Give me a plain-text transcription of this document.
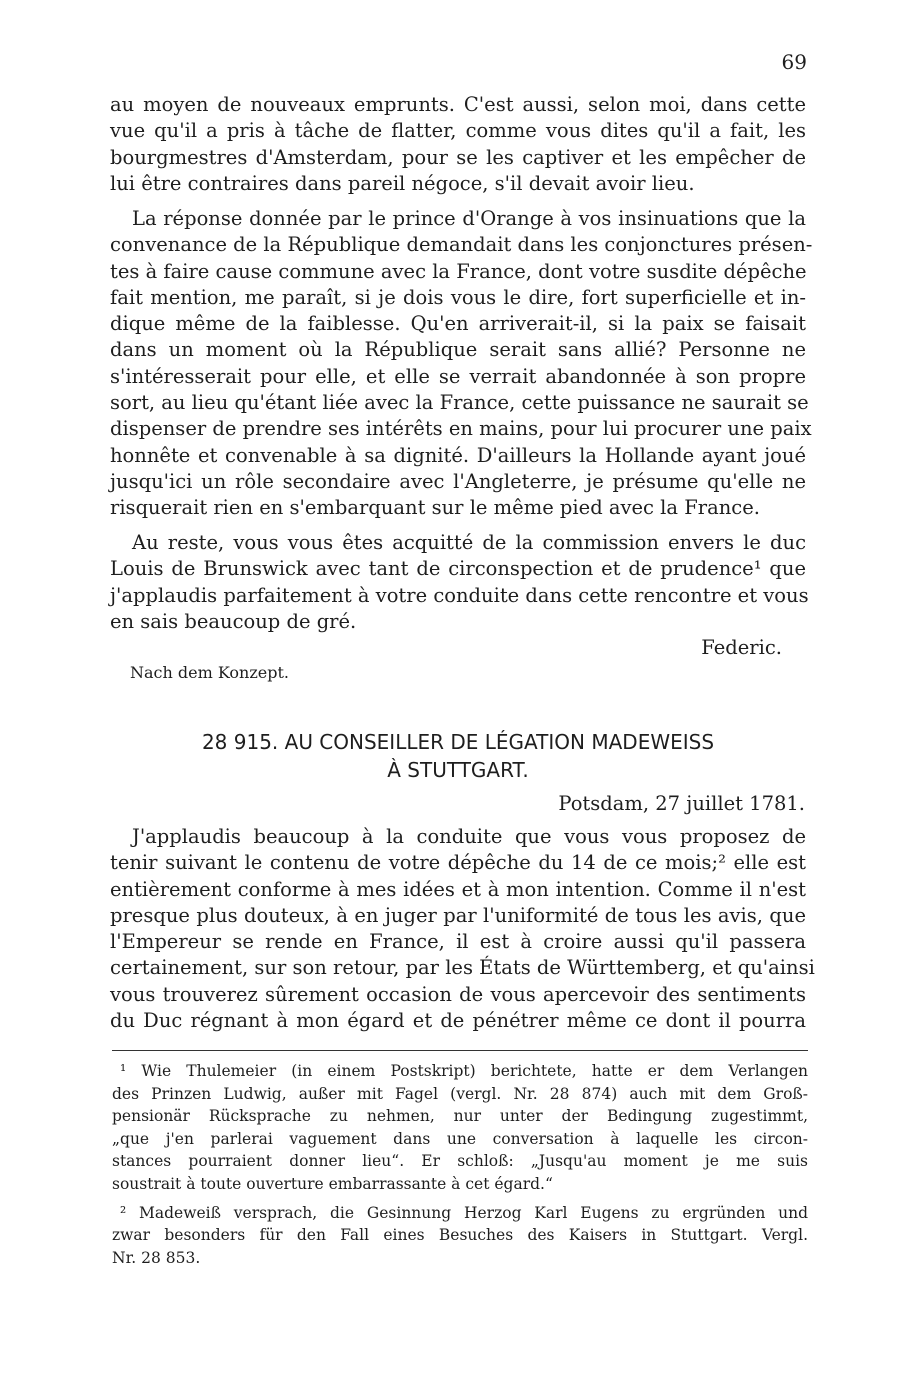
69
au moyen de nouveaux emprunts. C'est aussi, selon moi, dans cette
vue qu'il a pris à tâche de flatter, comme vous dites qu'il a fait, les
bourgmestres d'Amsterdam, pour se les captiver et les empêcher de
lui être contraires dans pareil négoce, s'il devait avoir lieu.
La réponse donnée par le prince d'Orange à vos insinuations que la
convenance de la République demandait dans les conjonctures présen-
tes à faire cause commune avec la France, dont votre susdite dépêche
fait mention, me paraît, si je dois vous le dire, fort superficielle et in-
dique même de la faiblesse. Qu'en arriverait-il, si la paix se faisait
dans un moment où la République serait sans allié? Personne ne
s'intéresserait pour elle, et elle se verrait abandonnée à son propre
sort, au lieu qu'étant liée avec la France, cette puissance ne saurait se
dispenser de prendre ses intérêts en mains, pour lui procurer une paix
honnête et convenable à sa dignité. D'ailleurs la Hollande ayant joué
jusqu'ici un rôle secondaire avec l'Angleterre, je présume qu'elle ne
risquerait rien en s'embarquant sur le même pied avec la France.
Au reste, vous vous êtes acquitté de la commission envers le duc
Louis de Brunswick avec tant de circonspection et de prudence¹ que
j'applaudis parfaitement à votre conduite dans cette rencontre et vous
en sais beaucoup de gré.
Federic.
Nach dem Konzept.
28 915. AU CONSEILLER DE LÉGATION MADEWEISS
À STUTTGART.
Potsdam, 27 juillet 1781.
J'applaudis beaucoup à la conduite que vous vous proposez de
tenir suivant le contenu de votre dépêche du 14 de ce mois;² elle est
entièrement conforme à mes idées et à mon intention. Comme il n'est
presque plus douteux, à en juger par l'uniformité de tous les avis, que
l'Empereur se rende en France, il est à croire aussi qu'il passera
certainement, sur son retour, par les États de Württemberg, et qu'ainsi
vous trouverez sûrement occasion de vous apercevoir des sentiments
du Duc régnant à mon égard et de pénétrer même ce dont il pourra
¹ Wie Thulemeier (in einem Postskript) berichtete, hatte er dem Verlangen
des Prinzen Ludwig, außer mit Fagel (vergl. Nr. 28 874) auch mit dem Groß-
pensionär Rücksprache zu nehmen, nur unter der Bedingung zugestimmt,
„que j'en parlerai vaguement dans une conversation à laquelle les circon-
stances pourraient donner lieu“. Er schloß: „Jusqu'au moment je me suis
soustrait à toute ouverture embarrassante à cet égard.“
² Madeweiß versprach, die Gesinnung Herzog Karl Eugens zu ergründen und
zwar besonders für den Fall eines Besuches des Kaisers in Stuttgart. Vergl.
Nr. 28 853.
